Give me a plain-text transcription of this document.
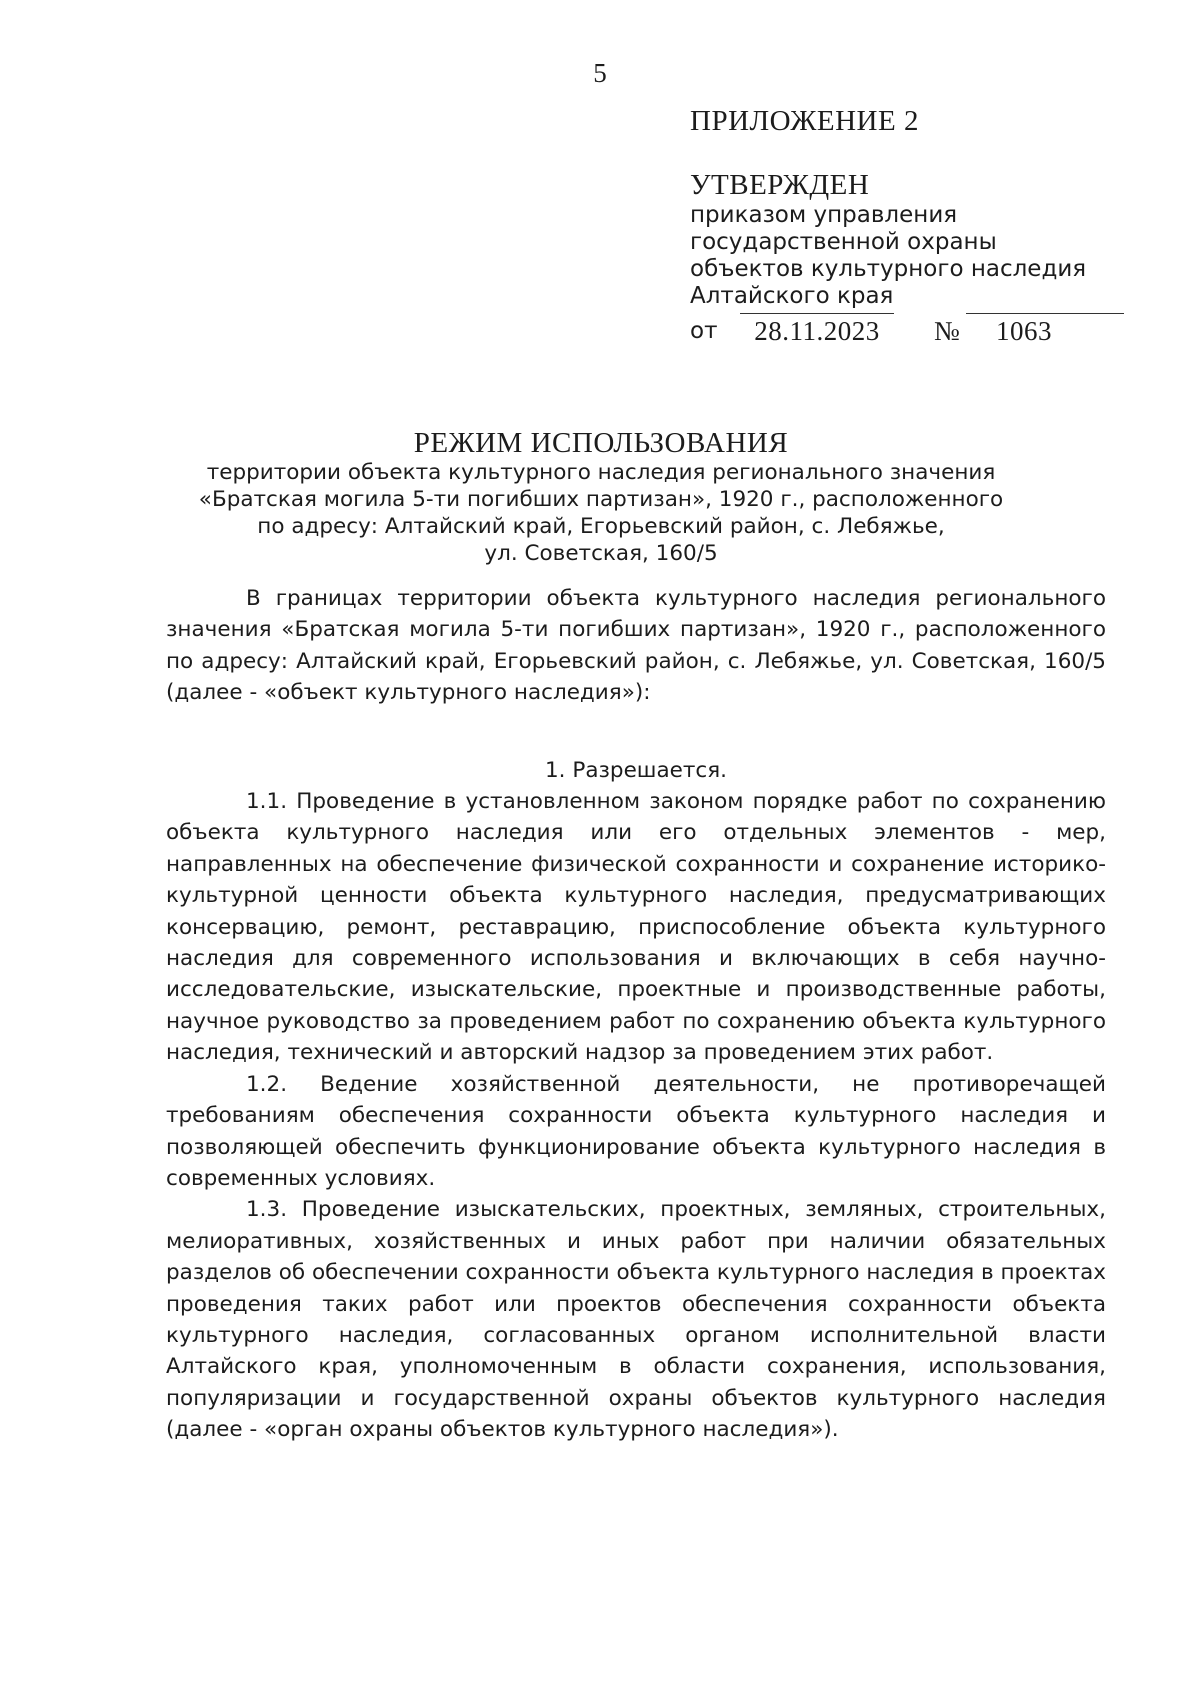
5
ПРИЛОЖЕНИЕ 2
УТВЕРЖДЕН
приказом управления
государственной охраны
объектов культурного наследия
Алтайского края
от	28.11.2023	№	1063
РЕЖИМ ИСПОЛЬЗОВАНИЯ
территории объекта культурного наследия регионального значения
«Братская могила 5-ти погибших партизан», 1920 г., расположенного
по адресу: Алтайский край, Егорьевский район, с. Лебяжье,
ул. Советская, 160/5

В границах территории объекта культурного наследия регионального значения «Братская могила 5-ти погибших партизан», 1920 г., расположенного по адресу: Алтайский край, Егорьевский район, с. Лебяжье, ул. Советская, 160/5 (далее - «объект культурного наследия»):

1. Разрешается.

1.1. Проведение в установленном законом порядке работ по сохранению объекта культурного наследия или его отдельных элементов - мер, направленных на обеспечение физической сохранности и сохранение историко-культурной ценности объекта культурного наследия, предусматривающих консервацию, ремонт, реставрацию, приспособление объекта культурного наследия для современного использования и включающих в себя научно-исследовательские, изыскательские, проектные и производственные работы, научное руководство за проведением работ по сохранению объекта культурного наследия, технический и авторский надзор за проведением этих работ.

1.2. Ведение хозяйственной деятельности, не противоречащей требованиям обеспечения сохранности объекта культурного наследия и позволяющей обеспечить функционирование объекта культурного наследия в современных условиях.

1.3. Проведение изыскательских, проектных, земляных, строительных, мелиоративных, хозяйственных и иных работ при наличии обязательных разделов об обеспечении сохранности объекта культурного наследия в проектах проведения таких работ или проектов обеспечения сохранности объекта культурного наследия, согласованных органом исполнительной власти Алтайского края, уполномоченным в области сохранения, использования, популяризации и государственной охраны объектов культурного наследия (далее - «орган охраны объектов культурного наследия»).
